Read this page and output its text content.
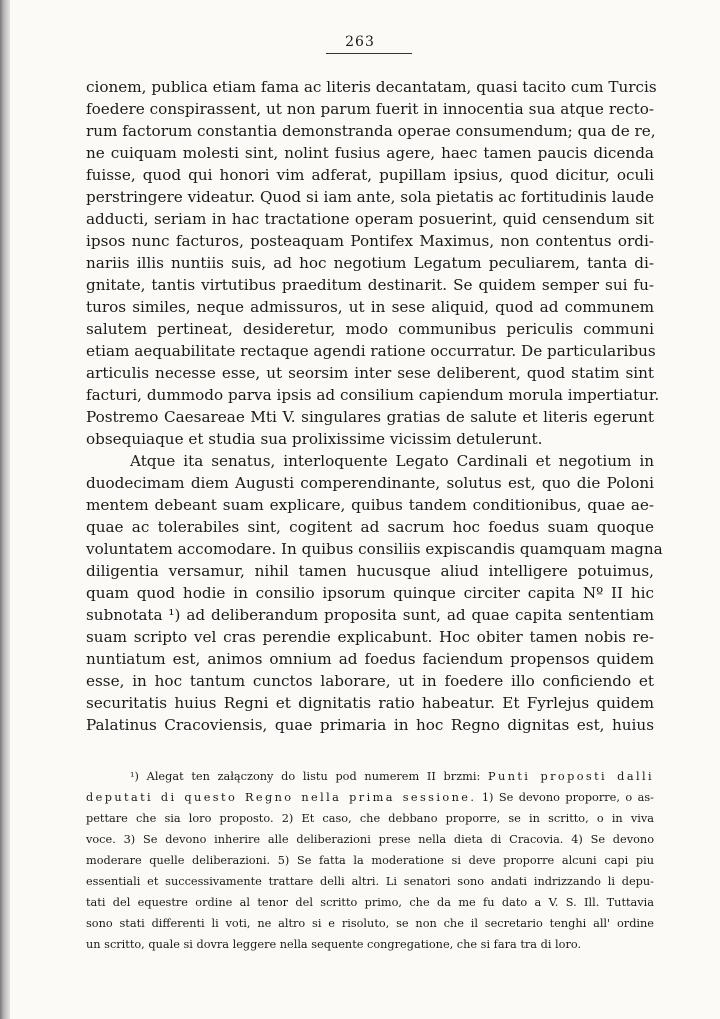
263
cionem, publica etiam fama ac literis decantatam, quasi tacito cum Turcis
foedere conspirassent, ut non parum fuerit in innocentia sua atque recto-
rum factorum constantia demonstranda operae consumendum; qua de re,
ne cuiquam molesti sint, nolint fusius agere, haec tamen paucis dicenda
fuisse, quod qui honori vim adferat, pupillam ipsius, quod dicitur, oculi
perstringere videatur. Quod si iam ante, sola pietatis ac fortitudinis laude
adducti, seriam in hac tractatione operam posuerint, quid censendum sit
ipsos nunc facturos, posteaquam Pontifex Maximus, non contentus ordi-
nariis illis nuntiis suis, ad hoc negotium Legatum peculiarem, tanta di-
gnitate, tantis virtutibus praeditum destinarit. Se quidem semper sui fu-
turos similes, neque admissuros, ut in sese aliquid, quod ad communem
salutem pertineat, desideretur, modo communibus periculis communi
etiam aequabilitate rectaque agendi ratione occurratur. De particularibus
articulis necesse esse, ut seorsim inter sese deliberent, quod statim sint
facturi, dummodo parva ipsis ad consilium capiendum morula impertiatur.
Postremo Caesareae Mti V. singulares gratias de salute et literis egerunt
obsequiaque et studia sua prolixissime vicissim detulerunt.
Atque ita senatus, interloquente Legato Cardinali et negotium in
duodecimam diem Augusti comperendinante, solutus est, quo die Poloni
mentem debeant suam explicare, quibus tandem conditionibus, quae ae-
quae ac tolerabiles sint, cogitent ad sacrum hoc foedus suam quoque
voluntatem accomodare. In quibus consiliis expiscandis quamquam magna
diligentia versamur, nihil tamen hucusque aliud intelligere potuimus,
quam quod hodie in consilio ipsorum quinque circiter capita Nº II hic
subnotata ¹) ad deliberandum proposita sunt, ad quae capita sententiam
suam scripto vel cras perendie explicabunt. Hoc obiter tamen nobis re-
nuntiatum est, animos omnium ad foedus faciendum propensos quidem
esse, in hoc tantum cunctos laborare, ut in foedere illo conficiendo et
securitatis huius Regni et dignitatis ratio habeatur. Et Fyrlejus quidem
Palatinus Cracoviensis, quae primaria in hoc Regno dignitas est, huius
¹) Alegat ten załączony do listu pod numerem II brzmi: Punti proposti dalli
deputati di questo Regno nella prima sessione. 1) Se devono proporre, o as-
pettare che sia loro proposto. 2) Et caso, che debbano proporre, se in scritto, o in viva
voce. 3) Se devono inherire alle deliberazioni prese nella dieta di Cracovia. 4) Se devono
moderare quelle deliberazioni. 5) Se fatta la moderatione si deve proporre alcuni capi piu
essentiali et successivamente trattare delli altri. Li senatori sono andati indrizzando li depu-
tati del equestre ordine al tenor del scritto primo, che da me fu dato a V. S. Ill. Tuttavia
sono stati differenti li voti, ne altro si e risoluto, se non che il secretario tenghi all' ordine
un scritto, quale si dovra leggere nella sequente congregatione, che si fara tra di loro.
